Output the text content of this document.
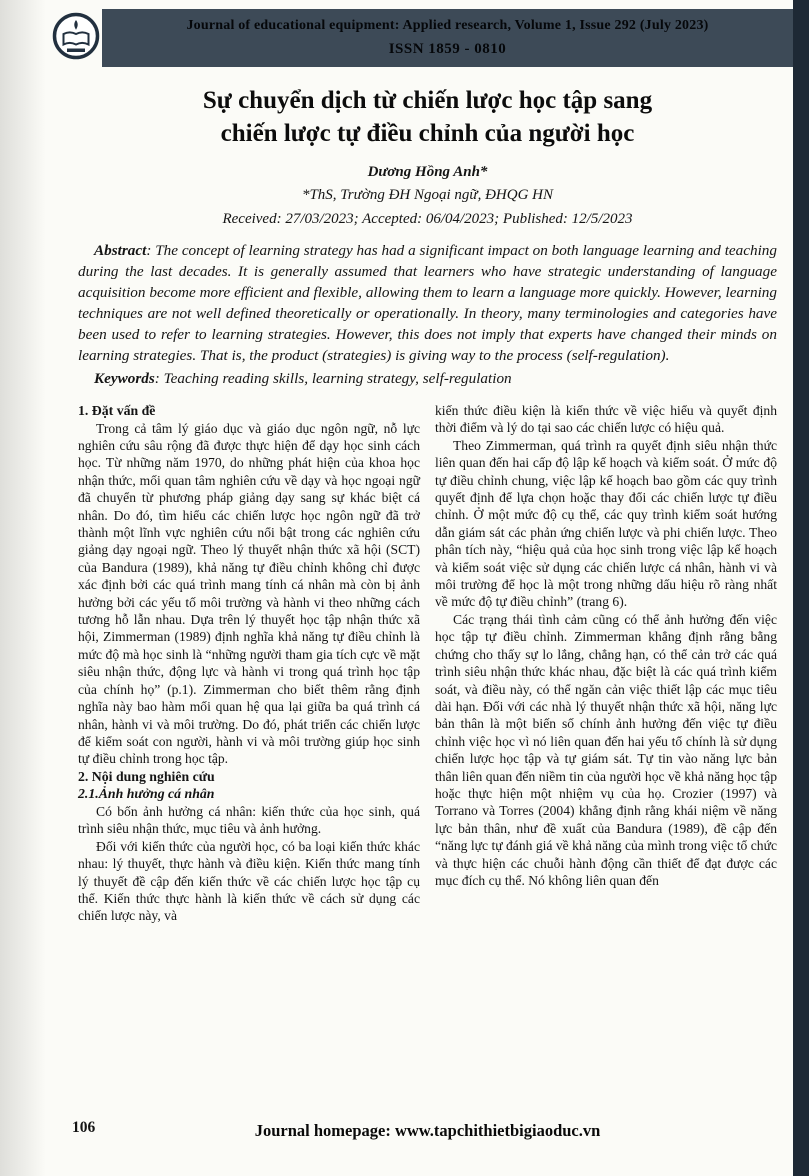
Journal of educational equipment: Applied research, Volume 1, Issue 292 (July 2023)
ISSN 1859 - 0810
Sự chuyển dịch từ chiến lược học tập sang
chiến lược tự điều chỉnh của người học
Dương Hồng Anh*
*ThS, Trường ĐH Ngoại ngữ, ĐHQG HN
Received: 27/03/2023; Accepted: 06/04/2023; Published: 12/5/2023

Abstract: The concept of learning strategy has had a significant impact on both language learning and teaching during the last decades. It is generally assumed that learners who have strategic understanding of language acquisition become more efficient and flexible, allowing them to learn a language more quickly. However, learning techniques are not well defined theoretically or operationally. In theory, many terminologies and categories have been used to refer to learning strategies. However, this does not imply that experts have changed their minds on learning strategies. That is, the product (strategies) is giving way to the process (self-regulation).

Keywords: Teaching reading skills, learning strategy, self-regulation

1. Đặt vấn đề

Trong cả tâm lý giáo dục và giáo dục ngôn ngữ, nỗ lực nghiên cứu sâu rộng đã được thực hiện để dạy học sinh cách học. Từ những năm 1970, do những phát hiện của khoa học nhận thức, mối quan tâm nghiên cứu về dạy và học ngoại ngữ đã chuyển từ phương pháp giảng dạy sang sự khác biệt cá nhân. Do đó, tìm hiểu các chiến lược học ngôn ngữ đã trở thành một lĩnh vực nghiên cứu nổi bật trong các nghiên cứu giảng dạy ngoại ngữ. Theo lý thuyết nhận thức xã hội (SCT) của Bandura (1989), khả năng tự điều chỉnh không chỉ được xác định bởi các quá trình mang tính cá nhân mà còn bị ảnh hưởng bởi các yếu tố môi trường và hành vi theo những cách tương hỗ lẫn nhau. Dựa trên lý thuyết học tập nhận thức xã hội, Zimmerman (1989) định nghĩa khả năng tự điều chỉnh là mức độ mà học sinh là “những người tham gia tích cực về mặt siêu nhận thức, động lực và hành vi trong quá trình học tập của chính họ” (p.1). Zimmerman cho biết thêm rằng định nghĩa này bao hàm mối quan hệ qua lại giữa ba quá trình cá nhân, hành vi và môi trường. Do đó, phát triển các chiến lược để kiểm soát con người, hành vi và môi trường giúp học sinh tự điều chỉnh trong học tập.

2. Nội dung nghiên cứu
2.1.Ảnh hưởng cá nhân

Có bốn ảnh hưởng cá nhân: kiến thức của học sinh, quá trình siêu nhận thức, mục tiêu và ảnh hưởng.

Đối với kiến thức của người học, có ba loại kiến thức khác nhau: lý thuyết, thực hành và điều kiện. Kiến thức mang tính lý thuyết đề cập đến kiến thức về các chiến lược học tập cụ thể. Kiến thức thực hành là kiến thức về cách sử dụng các chiến lược này, và

kiến thức điều kiện là kiến thức về việc hiểu và quyết định thời điểm và lý do tại sao các chiến lược có hiệu quả.

Theo Zimmerman, quá trình ra quyết định siêu nhận thức liên quan đến hai cấp độ lập kế hoạch và kiểm soát. Ở mức độ tự điều chỉnh chung, việc lập kế hoạch bao gồm các quy trình quyết định để lựa chọn hoặc thay đổi các chiến lược tự điều chỉnh. Ở một mức độ cụ thể, các quy trình kiểm soát hướng dẫn giám sát các phản ứng chiến lược và phi chiến lược. Theo phân tích này, “hiệu quả của học sinh trong việc lập kế hoạch và kiểm soát việc sử dụng các chiến lược cá nhân, hành vi và môi trường để học là một trong những dấu hiệu rõ ràng nhất về mức độ tự điều chỉnh” (trang 6).

Các trạng thái tình cảm cũng có thể ảnh hưởng đến việc học tập tự điều chỉnh. Zimmerman khẳng định rằng bằng chứng cho thấy sự lo lắng, chẳng hạn, có thể cản trở các quá trình siêu nhận thức khác nhau, đặc biệt là các quá trình kiểm soát, và điều này, có thể ngăn cản việc thiết lập các mục tiêu dài hạn. Đối với các nhà lý thuyết nhận thức xã hội, năng lực bản thân là một biến số chính ảnh hưởng đến việc tự điều chỉnh việc học vì nó liên quan đến hai yếu tố chính là sử dụng chiến lược học tập và tự giám sát. Tự tin vào năng lực bản thân liên quan đến niềm tin của người học về khả năng học tập hoặc thực hiện một nhiệm vụ của họ. Crozier (1997) và Torrano và Torres (2004) khẳng định rằng khái niệm về năng lực bản thân, như đề xuất của Bandura (1989), đề cập đến “năng lực tự đánh giá về khả năng của mình trong việc tổ chức và thực hiện các chuỗi hành động cần thiết để đạt được các mục đích cụ thể. Nó không liên quan đến

106	Journal homepage: www.tapchithietbigiaoduc.vn
